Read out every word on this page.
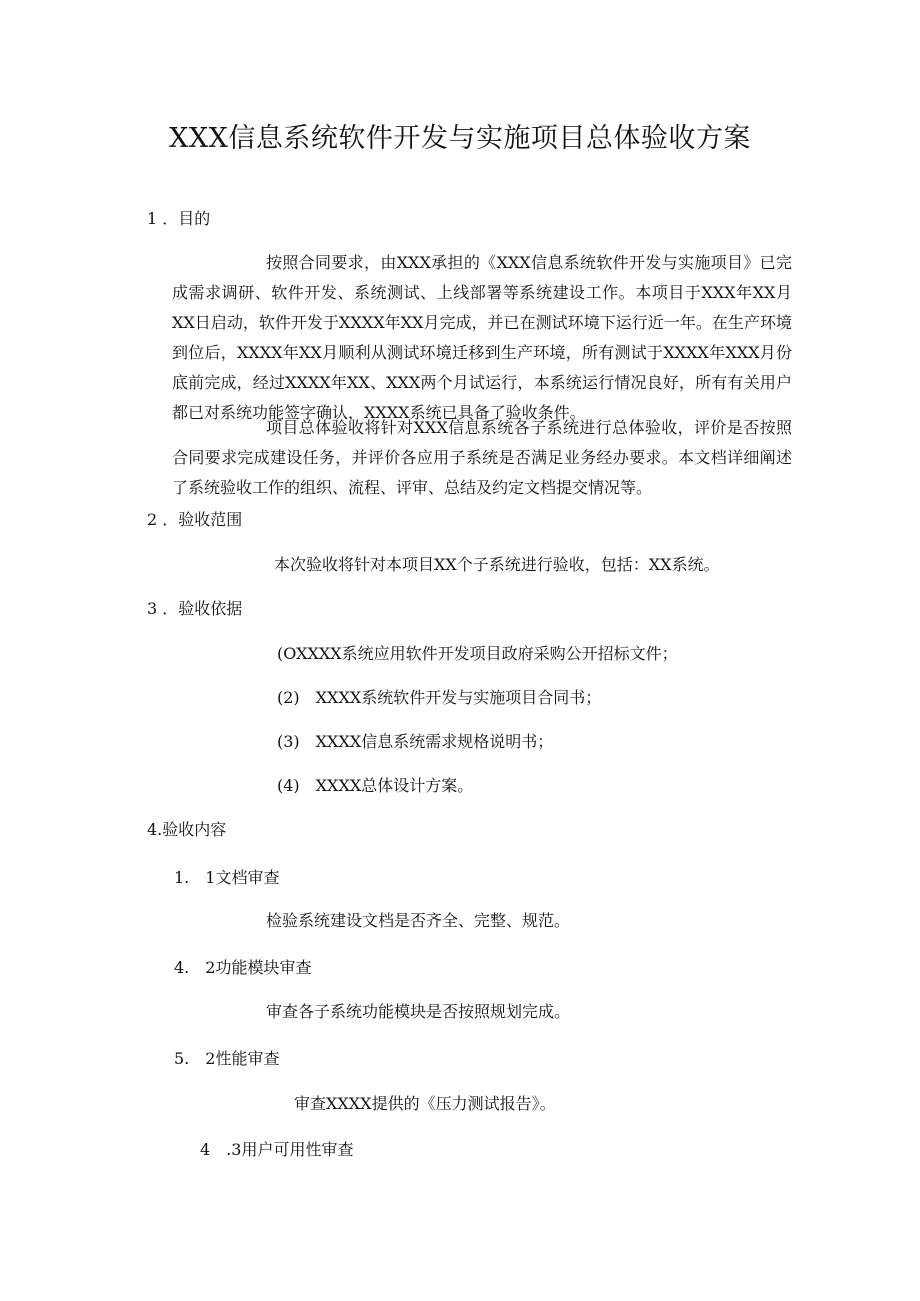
XXX信息系统软件开发与实施项目总体验收方案
1 ．目的
按照合同要求，由XXX承担的《XXX信息系统软件开发与实施项目》已完成需求调研、软件开发、系统测试、上线部署等系统建设工作。本项目于XXX年XX月XX日启动，软件开发于XXXX年XX月完成，并已在测试环境下运行近一年。在生产环境到位后，XXXX年XX月顺利从测试环境迁移到生产环境，所有测试于XXXX年XXX月份底前完成，经过XXXX年XX、XXX两个月试运行，本系统运行情况良好，所有有关用户都已对系统功能签字确认，XXXX系统已具备了验收条件。
项目总体验收将针对XXX信息系统各子系统进行总体验收，评价是否按照合同要求完成建设任务，并评价各应用子系统是否满足业务经办要求。本文档详细阐述了系统验收工作的组织、流程、评审、总结及约定文档提交情况等。
2 ．验收范围
本次验收将针对本项目XX个子系统进行验收，包括：XX系统。
3 ．验收依据
(OXXXX系统应用软件开发项目政府采购公开招标文件；
(2)　XXXX系统软件开发与实施项目合同书；
(3)　XXXX信息系统需求规格说明书；
(4)　XXXX总体设计方案。
4.验收内容
1.　1文档审查
检验系统建设文档是否齐全、完整、规范。
4.　2功能模块审查
审查各子系统功能模块是否按照规划完成。
5.　2性能审查
审查XXXX提供的《压力测试报告》。
4　.3用户可用性审查
